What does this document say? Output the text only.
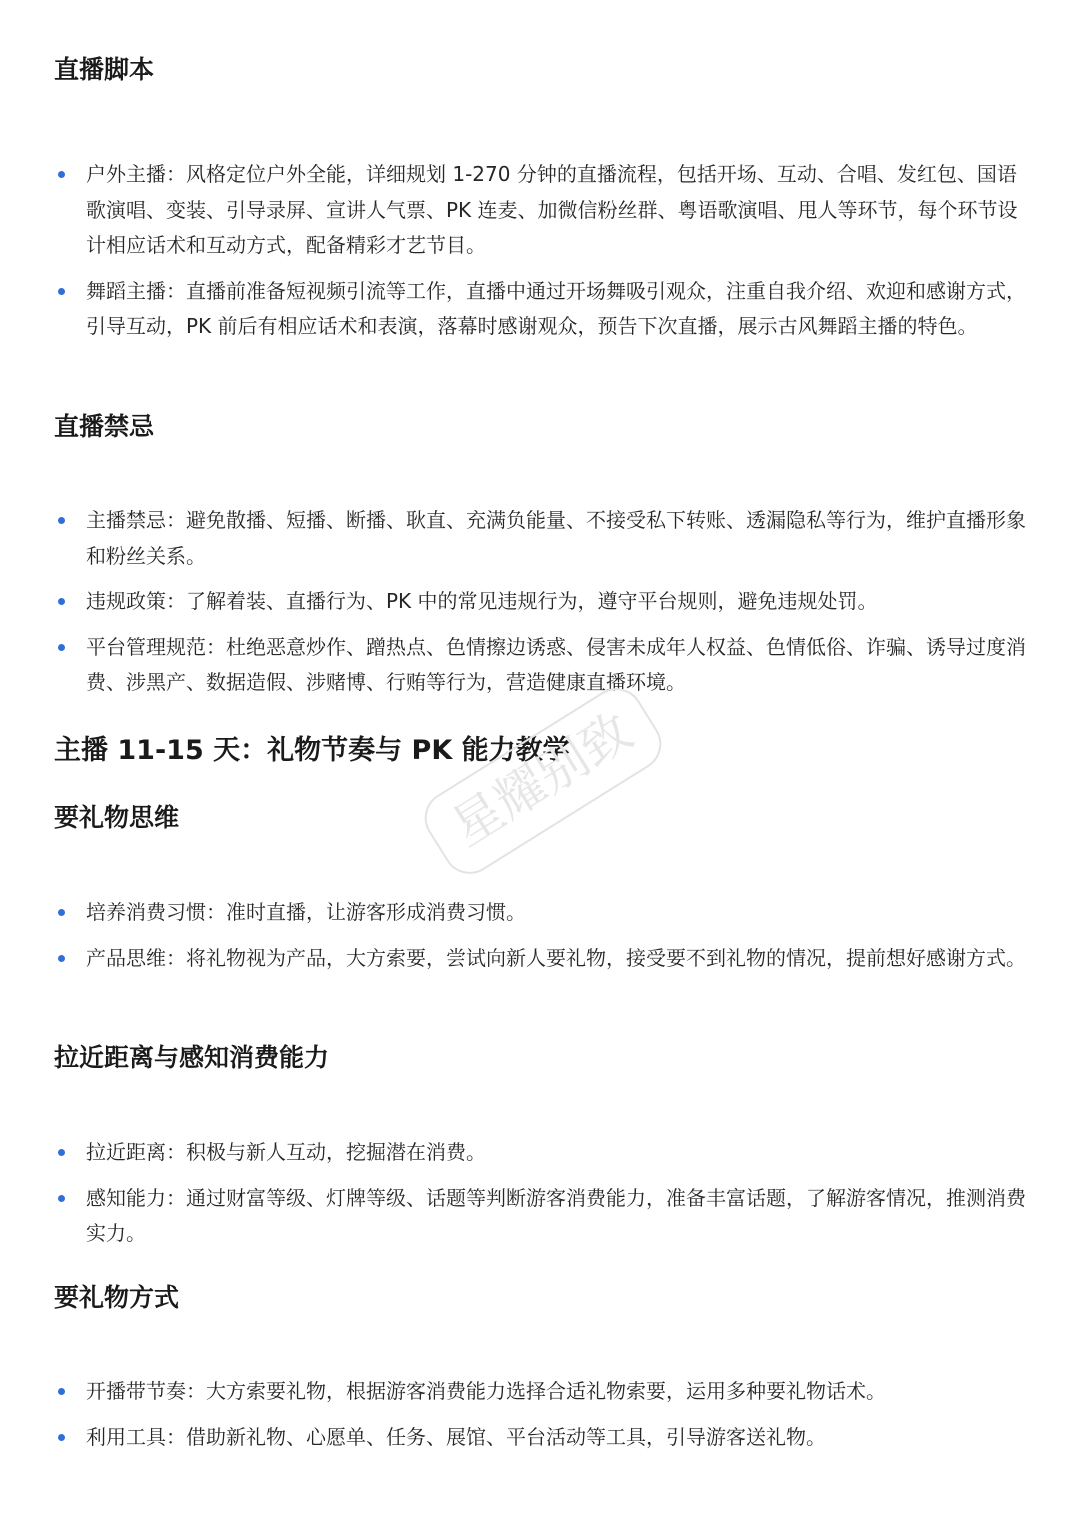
直播脚本
户外主播：风格定位户外全能，详细规划 1-270 分钟的直播流程，包括开场、互动、合唱、发红包、国语歌演唱、变装、引导录屏、宣讲人气票、PK 连麦、加微信粉丝群、粤语歌演唱、甩人等环节，每个环节设计相应话术和互动方式，配备精彩才艺节目。
舞蹈主播：直播前准备短视频引流等工作，直播中通过开场舞吸引观众，注重自我介绍、欢迎和感谢方式，引导互动，PK 前后有相应话术和表演，落幕时感谢观众，预告下次直播，展示古风舞蹈主播的特色。
直播禁忌
主播禁忌：避免散播、短播、断播、耿直、充满负能量、不接受私下转账、透漏隐私等行为，维护直播形象和粉丝关系。
违规政策：了解着装、直播行为、PK 中的常见违规行为，遵守平台规则，避免违规处罚。
平台管理规范：杜绝恶意炒作、蹭热点、色情擦边诱惑、侵害未成年人权益、色情低俗、诈骗、诱导过度消费、涉黑产、数据造假、涉赌博、行贿等行为，营造健康直播环境。
主播 11-15 天：礼物节奏与 PK 能力教学
要礼物思维
培养消费习惯：准时直播，让游客形成消费习惯。
产品思维：将礼物视为产品，大方索要，尝试向新人要礼物，接受要不到礼物的情况，提前想好感谢方式。
拉近距离与感知消费能力
拉近距离：积极与新人互动，挖掘潜在消费。
感知能力：通过财富等级、灯牌等级、话题等判断游客消费能力，准备丰富话题，了解游客情况，推测消费实力。
要礼物方式
开播带节奏：大方索要礼物，根据游客消费能力选择合适礼物索要，运用多种要礼物话术。
利用工具：借助新礼物、心愿单、任务、展馆、平台活动等工具，引导游客送礼物。
星耀别致
